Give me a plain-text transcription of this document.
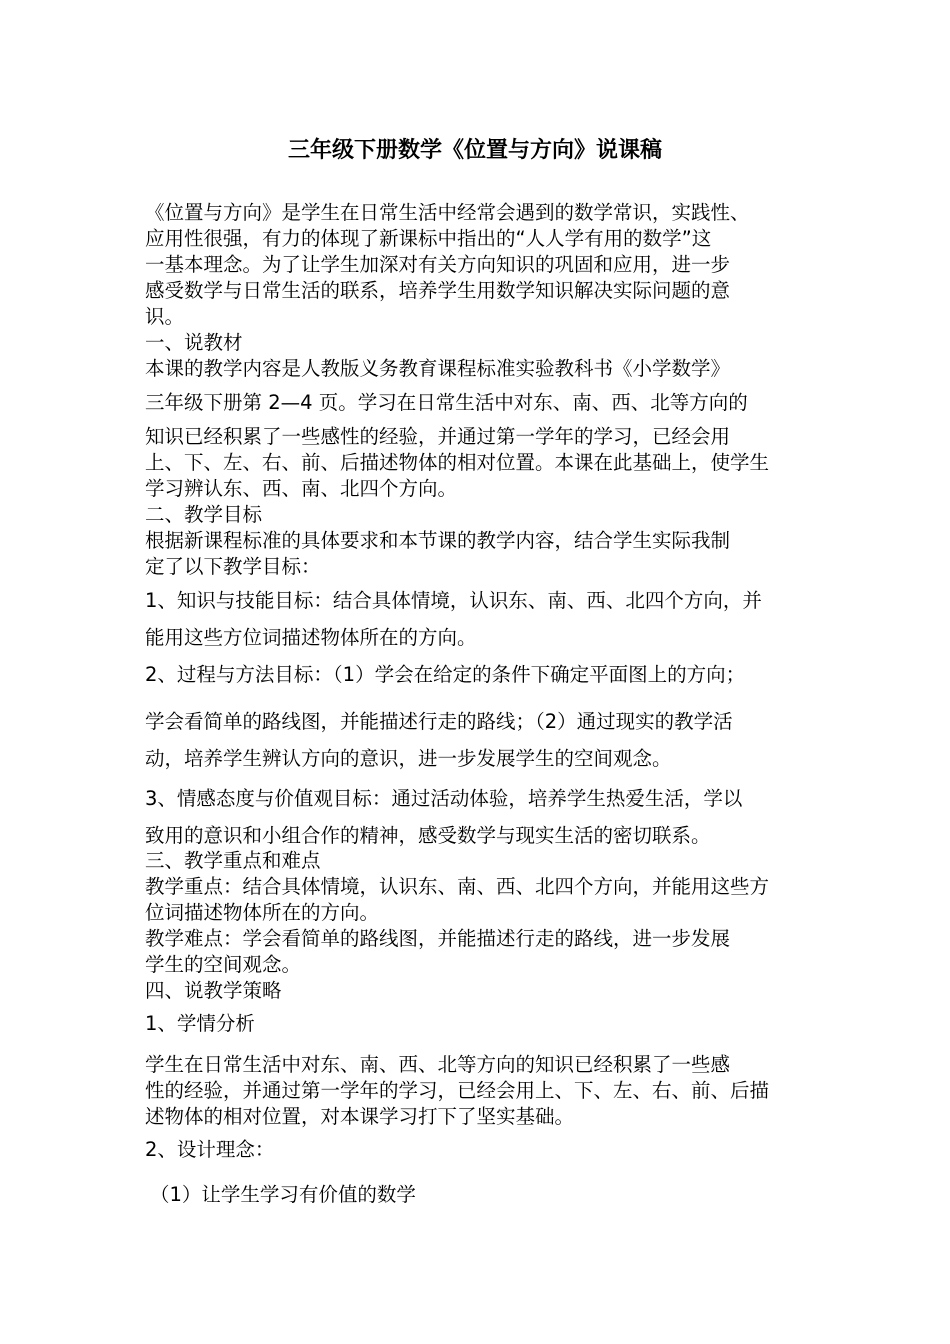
三年级下册数学《位置与方向》说课稿
《位置与方向》是学生在日常生活中经常会遇到的数学常识，实践性、
应用性很强，有力的体现了新课标中指出的“人人学有用的数学”这
一基本理念。为了让学生加深对有关方向知识的巩固和应用，进一步
感受数学与日常生活的联系，培养学生用数学知识解决实际问题的意
识。
一、说教材
本课的教学内容是人教版义务教育课程标准实验教科书《小学数学》
三年级下册第 2—4 页。学习在日常生活中对东、南、西、北等方向的
知识已经积累了一些感性的经验，并通过第一学年的学习，已经会用
上、下、左、右、前、后描述物体的相对位置。本课在此基础上，使学生
学习辨认东、西、南、北四个方向。
二、教学目标
根据新课程标准的具体要求和本节课的教学内容，结合学生实际我制
定了以下教学目标：
1、知识与技能目标：结合具体情境，认识东、南、西、北四个方向，并
能用这些方位词描述物体所在的方向。
2、过程与方法目标：（1）学会在给定的条件下确定平面图上的方向；
学会看简单的路线图，并能描述行走的路线；（2）通过现实的教学活
动，培养学生辨认方向的意识，进一步发展学生的空间观念。
3、情感态度与价值观目标：通过活动体验，培养学生热爱生活，学以
致用的意识和小组合作的精神，感受数学与现实生活的密切联系。
三、教学重点和难点
教学重点：结合具体情境，认识东、南、西、北四个方向，并能用这些方
位词描述物体所在的方向。
教学难点：学会看简单的路线图，并能描述行走的路线，进一步发展
学生的空间观念。
四、说教学策略
1、学情分析
学生在日常生活中对东、南、西、北等方向的知识已经积累了一些感
性的经验，并通过第一学年的学习，已经会用上、下、左、右、前、后描
述物体的相对位置，对本课学习打下了坚实基础。
2、设计理念：
（1）让学生学习有价值的数学
